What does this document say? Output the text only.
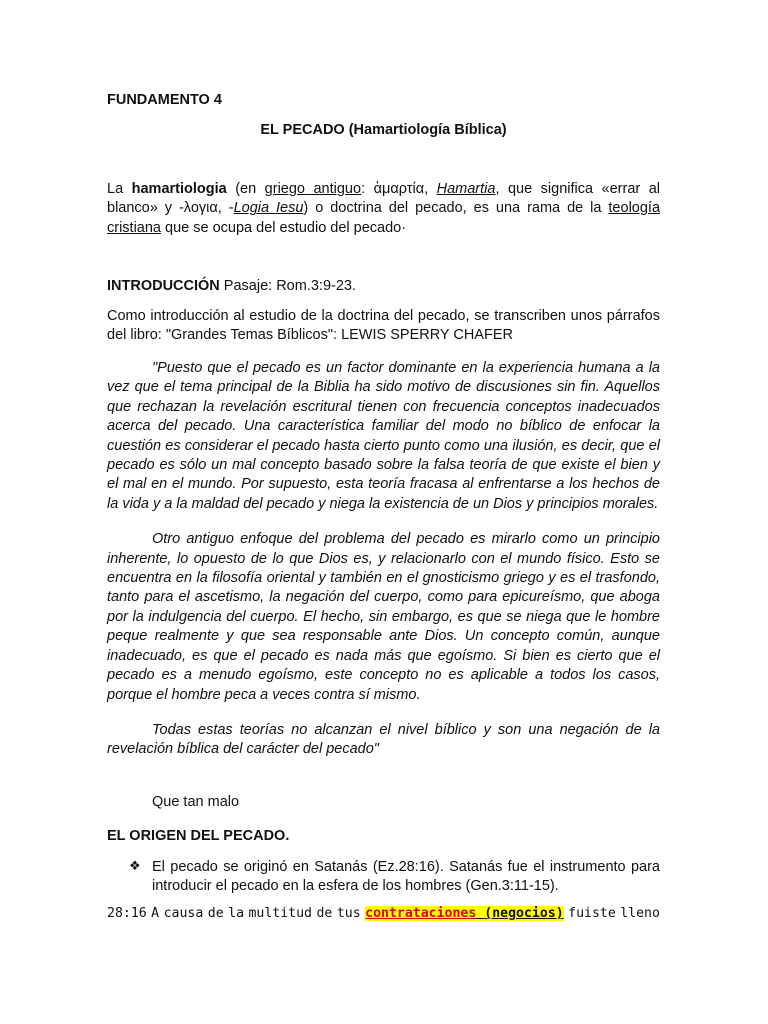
FUNDAMENTO 4
EL PECADO (Hamartiología Bíblica)

La hamartiologia (en griego antiguo: ἁμαρτία, Hamartia, que significa «errar al blanco» y -λογια, -Logia Iesu) o doctrina del pecado, es una rama de la teología cristiana que se ocupa del estudio del pecado·

INTRODUCCIÓN Pasaje: Rom.3:9-23.

Como introducción al estudio de la doctrina del pecado, se transcriben unos párrafos del libro: "Grandes Temas Bíblicos": LEWIS SPERRY CHAFER

"Puesto que el pecado es un factor dominante en la experiencia humana a la vez que el tema principal de la Biblia ha sido motivo de discusiones sin fin. Aquellos que rechazan la revelación escritural tienen con frecuencia conceptos inadecuados acerca del pecado. Una característica familiar del modo no bíblico de enfocar la cuestión es considerar el pecado hasta cierto punto como una ilusión, es decir, que el pecado es sólo un mal concepto basado sobre la falsa teoría de que existe el bien y el mal en el mundo. Por supuesto, esta teoría fracasa al enfrentarse a los hechos de la vida y a la maldad del pecado y niega la existencia de un Dios y principios morales.

Otro antiguo enfoque del problema del pecado es mirarlo como un principio inherente, lo opuesto de lo que Dios es, y relacionarlo con el mundo físico. Esto se encuentra en la filosofía oriental y también en el gnosticismo griego y es el trasfondo, tanto para el ascetismo, la negación del cuerpo, como para epicureísmo, que aboga por la indulgencia del cuerpo. El hecho, sin embargo, es que se niega que le hombre peque realmente y que sea responsable ante Dios. Un concepto común, aunque inadecuado, es que el pecado es nada más que egoísmo. Si bien es cierto que el pecado es a menudo egoísmo, este concepto no es aplicable a todos los casos, porque el hombre peca a veces contra sí mismo.

Todas estas teorías no alcanzan el nivel bíblico y son una negación de la revelación bíblica del carácter del pecado"

Que tan malo
EL ORIGEN DEL PECADO.
❖ El pecado se originó en Satanás (Ez.28:16). Satanás fue el instrumento para introducir el pecado en la esfera de los hombres (Gen.3:11-15).
28:16 A causa de la multitud de tus contrataciones (negocios) fuiste lleno
